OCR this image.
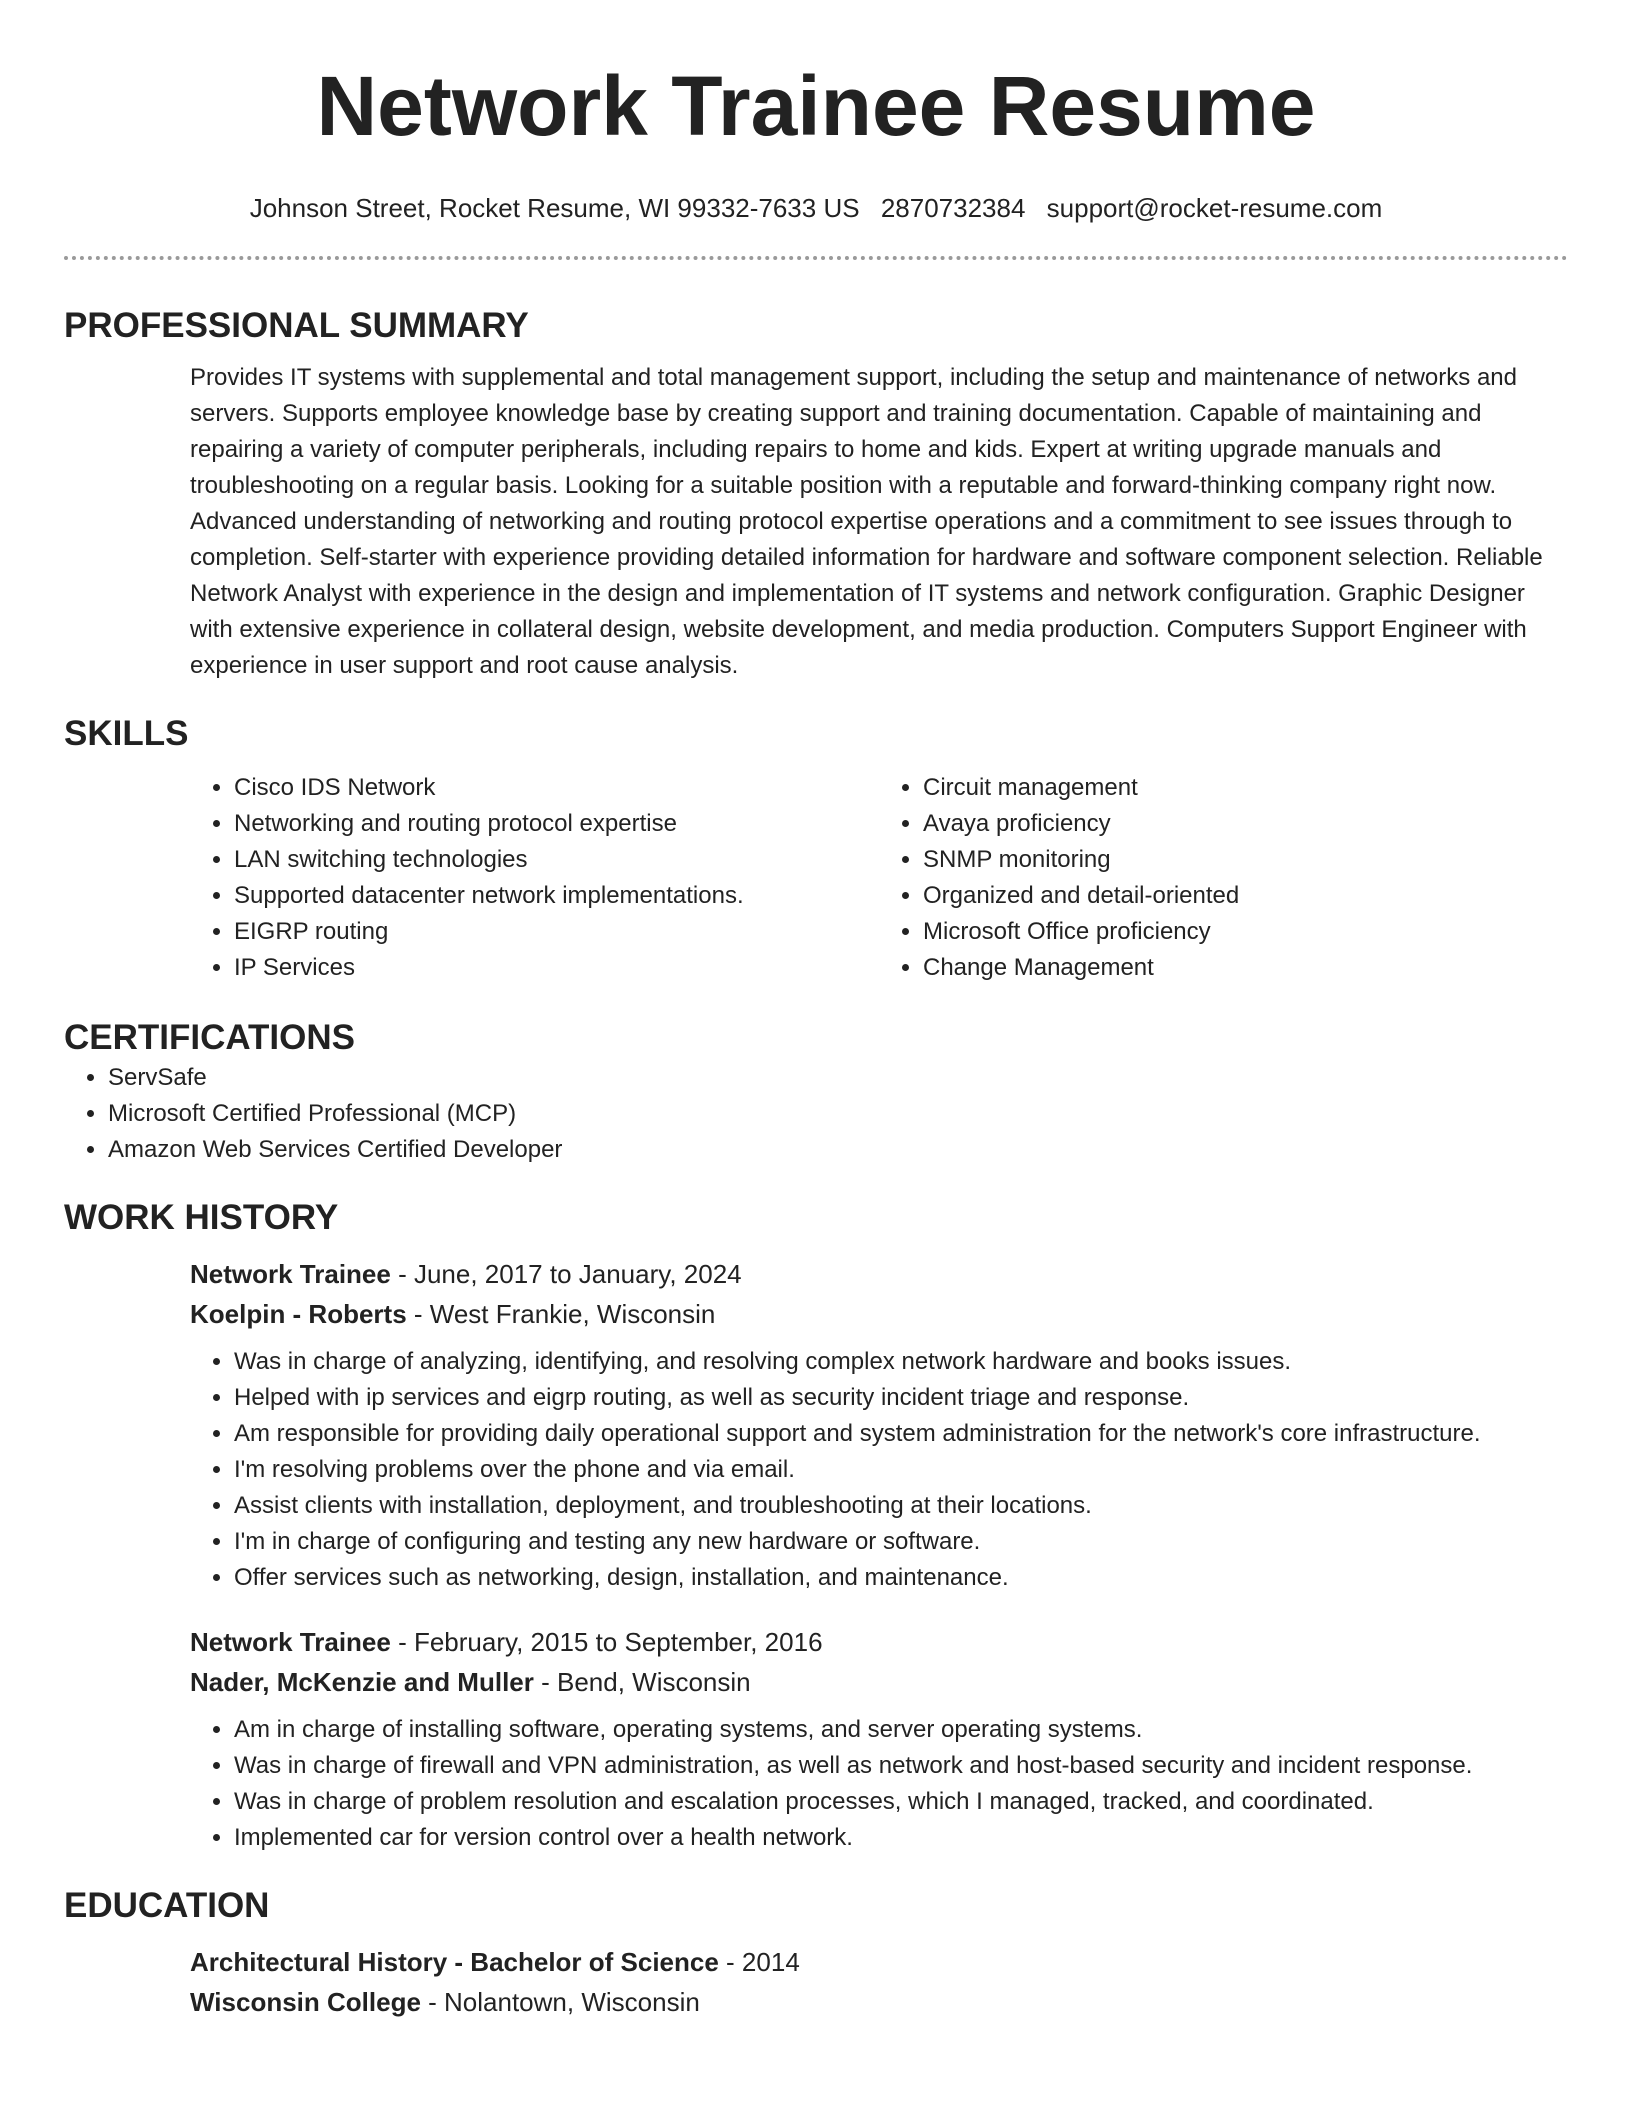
Network Trainee Resume
Johnson Street, Rocket Resume, WI 99332-7633 US 2870732384 support@rocket-resume.com
PROFESSIONAL SUMMARY

Provides IT systems with supplemental and total management support, including the setup and maintenance of networks and servers. Supports employee knowledge base by creating support and training documentation. Capable of maintaining and repairing a variety of computer peripherals, including repairs to home and kids. Expert at writing upgrade manuals and troubleshooting on a regular basis. Looking for a suitable position with a reputable and forward-thinking company right now. Advanced understanding of networking and routing protocol expertise operations and a commitment to see issues through to completion. Self-starter with experience providing detailed information for hardware and software component selection. Reliable Network Analyst with experience in the design and implementation of IT systems and network configuration. Graphic Designer with extensive experience in collateral design, website development, and media production. Computers Support Engineer with experience in user support and root cause analysis.

SKILLS
• Cisco IDS Network
• Networking and routing protocol expertise
• LAN switching technologies
• Supported datacenter network implementations.
• EIGRP routing
• IP Services
• Circuit management
• Avaya proficiency
• SNMP monitoring
• Organized and detail-oriented
• Microsoft Office proficiency
• Change Management
CERTIFICATIONS
• ServSafe
• Microsoft Certified Professional (MCP)
• Amazon Web Services Certified Developer
WORK HISTORY
Network Trainee - June, 2017 to January, 2024
Koelpin - Roberts - West Frankie, Wisconsin
• Was in charge of analyzing, identifying, and resolving complex network hardware and books issues.
• Helped with ip services and eigrp routing, as well as security incident triage and response.
• Am responsible for providing daily operational support and system administration for the network's core infrastructure.
• I'm resolving problems over the phone and via email.
• Assist clients with installation, deployment, and troubleshooting at their locations.
• I'm in charge of configuring and testing any new hardware or software.
• Offer services such as networking, design, installation, and maintenance.
Network Trainee - February, 2015 to September, 2016
Nader, McKenzie and Muller - Bend, Wisconsin
• Am in charge of installing software, operating systems, and server operating systems.
• Was in charge of firewall and VPN administration, as well as network and host-based security and incident response.
• Was in charge of problem resolution and escalation processes, which I managed, tracked, and coordinated.
• Implemented car for version control over a health network.
EDUCATION
Architectural History - Bachelor of Science - 2014
Wisconsin College - Nolantown, Wisconsin
